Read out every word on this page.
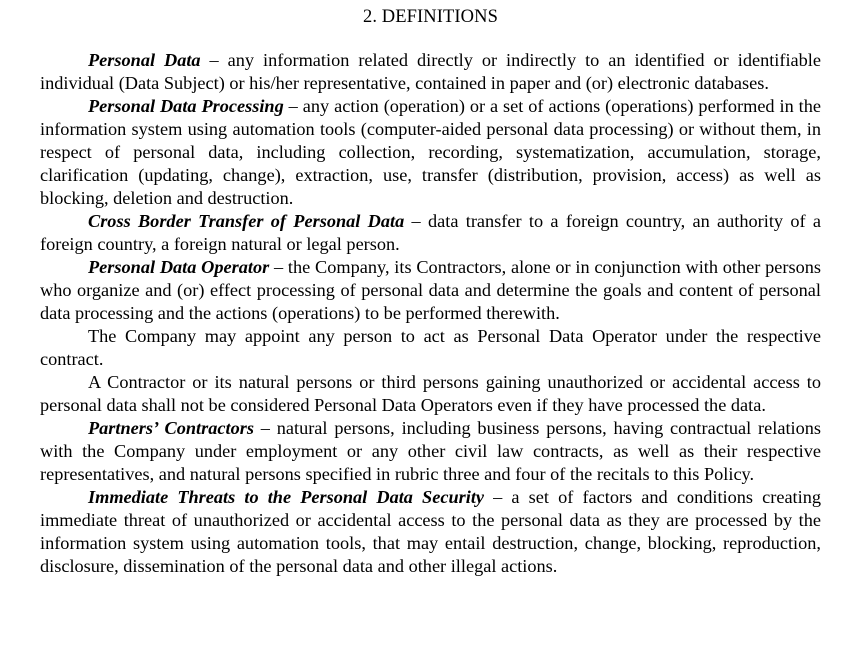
2. DEFINITIONS

Personal Data – any information related directly or indirectly to an identified or identifiable individual (Data Subject) or his/her representative, contained in paper and (or) electronic databases.

Personal Data Processing – any action (operation) or a set of actions (operations) performed in the information system using automation tools (computer-aided personal data processing) or without them, in respect of personal data, including collection, recording, systematization, accumulation, storage, clarification (updating, change), extraction, use, transfer (distribution, provision, access) as well as blocking, deletion and destruction.

Cross Border Transfer of Personal Data – data transfer to a foreign country, an authority of a foreign country, a foreign natural or legal person.

Personal Data Operator – the Company, its Contractors, alone or in conjunction with other persons who organize and (or) effect processing of personal data and determine the goals and content of personal data processing and the actions (operations) to be performed therewith.

The Company may appoint any person to act as Personal Data Operator under the respective contract.

A Contractor or its natural persons or third persons gaining unauthorized or accidental access to personal data shall not be considered Personal Data Operators even if they have processed the data.

Partners’ Contractors – natural persons, including business persons, having contractual relations with the Company under employment or any other civil law contracts, as well as their respective representatives, and natural persons specified in rubric three and four of the recitals to this Policy.

Immediate Threats to the Personal Data Security – a set of factors and conditions creating immediate threat of unauthorized or accidental access to the personal data as they are processed by the information system using automation tools, that may entail destruction, change, blocking, reproduction, disclosure, dissemination of the personal data and other illegal actions.
